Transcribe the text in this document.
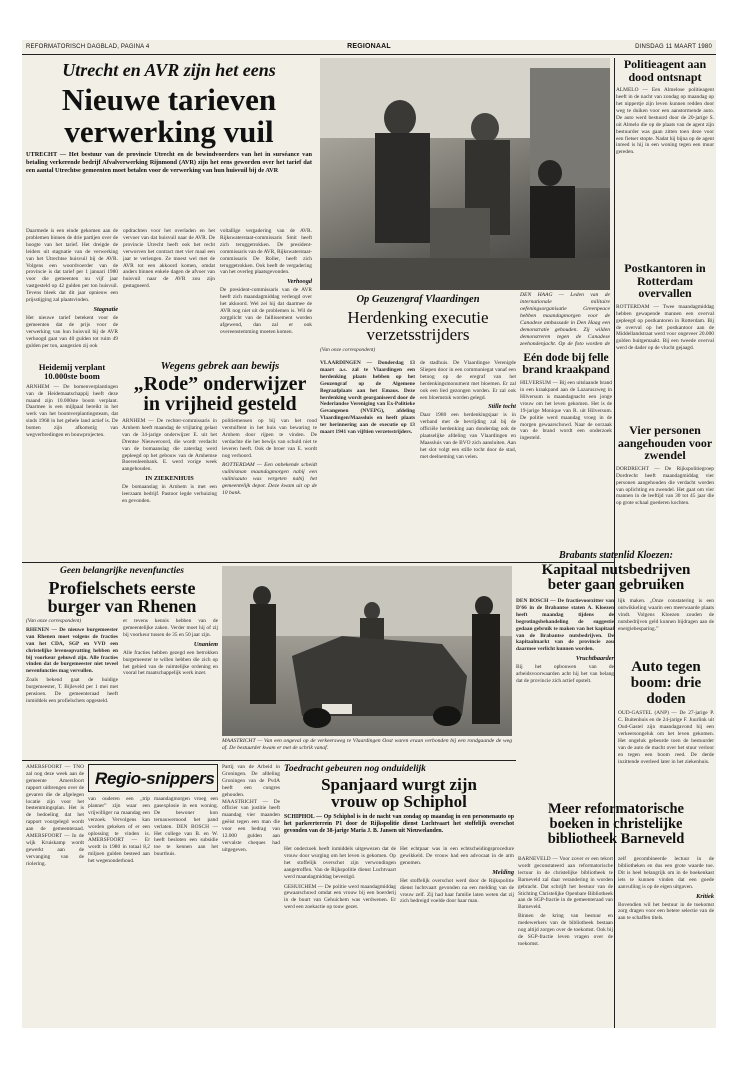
REFORMATORISCH DAGBLAD, PAGINA 4	REGIONAAL	DINSDAG 11 MAART 1980
Utrecht en AVR zijn het eens
Nieuwe tarieven
verwerking vuil
UTRECHT — Het bestuur van de provincie Utrecht en de bewindvoerders van het in surséance van betaling verkerende bedrijf Afvalverwerking Rijnmond (AVR) zijn het eens geworden over het tarief dat een aantal Utrechtse gemeenten moet betalen voor de verwerking van hun huisvuil bij de AVR
Daarmede is een einde gekomen aan de problemen binnen de drie partijen over de hoogte van het tarief. Het dreigde de leiders uit stagnatie van de verwerking van het Utrechtse huisvuil bij de AVR. Volgens een woordvoerder van de provincie is dat tarief per 1 januari 1980 voor die gemeenten nu vijf jaar vastgesteld op 42 gulden per ton huisvuil. Tevens bleek dat dit jaar opnieuw een prijsstijging zal plaatsvinden.
Stagnatie
Het nieuwe tarief betekent voor de gemeenten dat de prijs voor de verwerking van hun huisvuil bij de AVR verhoogd gaat van 40 gulden tot ruim 49 gulden per ton, aangezien zij ook
opdrachten voor het overladen en het vervoer van dat huisvuil naar de AVR. De provincie Utrecht heeft ook het recht verworven het contract met vier maal een jaar te verlengen. Ze moest wel met de AVR tot een akkoord komen, omdat anders binnen enkele dagen de afvoer van huisvuil naar de AVR zou zijn gestagneerd.
voltallige vergadering van de AVR. Rijkswaterstaat-commissaris Smit heeft zich teruggetrokken. De president-commissaris van de AVR, Rijkswaterstaat-commissaris De Roller, heeft zich teruggetrokken. Ook heeft de vergadering van het overleg plaatsgevonden.
Verhoogd
De president-commissaris van de AVR heeft zich maandagmiddag verlengd over het akkoord. Wel zei hij dat daarmee de AVR nog niet uit de problemen is. Wil de zorgplicht van de faillissement worden afgewend, dan zal er ook overeenstemming moeten komen.
Heidemij verplant 10.000ste boom
ARNHEM — De bomenverplantingen van de Heidemaatschappij heeft deze maand zijn 10.000ste boom verplant. Daarmee is een mijlpaal bereikt in het werk van het boomverplantingsteam, dat sinds 1968 in het gehele land actief is. De bomen zijn afkomstig van wegverbredingen en bouwprojecten.
DEN HAAG — Leden van de internationale militaire oefeningsorganisatie Greenpeace hebben maandagmorgen voor de Canadese ambassade in Den Haag een demonstratie gehouden. Zij wilden demonstreren tegen de Canadese zeehondenjacht. Op de foto worden de
Politieagent aan dood ontsnapt
ALMELO — Een Almelose politieagent heeft in de nacht van zondag op maandag op het nippertje zijn leven kunnen redden door weg te duiken voor een aanstormende auto. De auto werd bestuurd door de 20-jarige S. uit Almelo die op de plaats van de agent zijn bestuurder was gaan zitten toen deze voor een fietser stopte. Nadat hij bijna op de agent inreed is hij in een woning tegen een muur gereden.
Postkantoren in Rotterdam overvallen
ROTTERDAM — Twee maandagmiddag hebben gewapende mannen een overval gepleegd op postkantoren in Rotterdam. Bij de overval op het postkantoor aan de Middellandstraat werd voor ongeveer 20.000 gulden buitgemaakt. Bij een tweede overval werd de dader op de vlucht gejaagd.
Vier personen aangehouden voor zwendel
DORDRECHT — De Rijkspolitiegroep Dordrecht heeft maandagmiddag vier personen aangehouden die verdacht worden van oplichting en zwendel. Het gaat om vier mannen in de leeftijd van 30 tot 45 jaar die op grote schaal goederen kochten.
Wegens gebrek aan bewijs
„Rode” onderwijzer
in vrijheid gesteld
ARNHEM — De rechter-commissaris in Arnhem heeft maandag de vrijlating gelast van de 34-jarige onderwijzer E. uit het Drentse Nieuweroord, die wordt verdacht van de bomaanslag die zaterdag werd gepleegd op het gebouw van de Arnhemse Boerenleenbank. E. werd vorige week aangehouden.
IN ZIEKENHUIS
De bomaanslag in Arnhem is met een leerzaam bedrijf. Pastoor legde verhuizing en gevonden.
politiemensen op bij van het rood verstuiftent in het huis van bewaring te Arnhem door rijpen te vinden. De verdachte die het bewijs van schuld niet te leveren heeft. Ook de broer van E. wordt nog verhoord.
ROTTERDAM — Een onbekende scheidt vuilnisman maandagmorgen nabij een vuilnisauto was vergeten nabij het gemeentelijk depot. Deze kwam uit op de 10 bank.
Op Geuzengraf Vlaardingen
Herdenking executie
verzetsstrijders
(Van onze correspondent)
VLAARDINGEN — Donderdag 13 maart a.s. zal te Vlaardingen een herdenking plaats hebben op het Geuzengraf op de Algemene Begraafplaats aan het Emaus. Deze herdenking wordt georganiseerd door de Nederlandse Vereniging van Ex-Politieke Gevangenen (NVEPG), afdeling Vlaardingen/Maassluis en heeft plaats ter herinnering aan de executie op 13 maart 1941 van vijftien verzetsstrijders.
de stadhuis. De Vlaardingse Verenigde Sliepen door in een communiegat vanaf een betoog op de eregraf van het herdenkingsmonument met bloemen. Er zal ook een lied gezongen worden. Er zal ook een bloemstuk worden gelegd.
Stille tocht
Daar 1980 een herdenkingsjaar is in verband met de bevrijding zal bij de officiële herdenking aan donderdag ook de plaatselijke afdeling van Vlaardingen en Maassluis van de BVO zich aansluiten. Aan het slot volgt een stille tocht door de stad, met deelneming van velen.
Eén dode bij felle brand kraakpand
HILVERSUM — Bij een uitslaande brand in een kraakpand aan de Lazaruszweg in Hilversum is maandagnacht een jonge vrouw om het leven gekomen. Het is de 19-jarige Monique van R. uit Hilversum. De politie werd maandag vroeg in de morgen gewaarschuwd. Naar de oorzaak van de brand wordt een onderzoek ingesteld.
Geen belangrijke nevenfuncties
Profielschets eerste
burger van Rhenen
(Van onze correspondent)
RHENEN — De nieuwe burgemeester van Rhenen moet volgens de fracties van het CDA, SGP en VVD een christelijke levensopvatting hebben en bij voorkeur gehuwd zijn. Alle fracties vinden dat de burgemeester niet teveel nevenfuncties mag vervullen.
Zoals bekend gaat de huidige burgemeester, T. Bijleveld per 1 mei met pensioen. De gemeenteraad heeft inmiddels een profielschets opgesteld.
er tevens kennis hebben van de gemeentelijke zaken. Verder moet hij of zij bij voorkeur tussen de 35 en 50 jaar zijn.
Unaniem
Alle fracties hebben gezegd een betrokken burgemeester te willen hebben die zich op het gebied van de ruimtelijke ordening en vooral het maatschappelijk werk inzet.
MAASTRICHT — Van een ongeval op de verkeersweg te Vlaardingen Oost waren eraan verbonden bij een rondgaande de weg af. De bestuurder kwam er met de schrik vanaf.
Brabants statenlid Kloezen:
Kapitaal nutsbedrijven
beter gaan gebruiken
DEN BOSCH — De fractievoorzitter van D'66 in de Brabantse staten A. Kloezen heeft maandag tijdens de begrotingsbehandeling de suggestie gedaan gebruik te maken van het kapitaal van de Brabantse nutsbedrijven. De kapitaalmarkt van de provincie zou daarmee verlicht kunnen worden.
Vruchtbaarder
Bij het opbouwen van de arbeidsvoorwaarden acht hij het van belang dat de provincie zich actief opstelt.
lijk maken. „Onze constatering is een ontwikkeling waarin een meerwaarde plaats vindt. Volgens Kloezen zouden de nutsbedrijven geld kunnen bijdragen aan de energiebesparing.”
Auto tegen boom: drie doden
OUD-GASTEL (ANP) — De 27-jarige P. C. Buitenhuis en de 24-jarige F. Juurlink uit Oud-Gastel zijn maandagavond bij een verkeersongeluk om het leven gekomen. Het ongeluk gebeurde toen de bestuurder van de auto de macht over het stuur verloor en tegen een boom reed. De derde inzittende overleed later in het ziekenhuis.
AMERSFOORT — TNO zal nog deze week aan de gemeente Amersfoort rapport uitbrengen over de gevaren die de afgelegen locatie zijn voor het bestemmingsplan. Het is de bedoeling dat het rapport voorgelegd wordt aan de gemeenteraad. AMERSFOORT — In de wijk Kruiskamp wordt gewerkt aan de vervanging van de riolering.
Regio-snippers
van ouderen een „trip planner” zijn waar een vrijwilliger na maandag een verzoek. Vervolgens kan worden gekeken of er een oplossing te vinden is. AMERSFOORT — Er wordt in 1980 in totaal 8,2 miljoen gulden besteed aan het wegenonderhoud.
maandagmorgen vroeg een gasexplosie in een woning. De bewoner kon ternauwernood het pand verlaten. DEN BOSCH — Het college van B. en W. heeft besloten een subsidie toe te kennen aan het buurthuis.
Partij van de Arbeid in Groningen. De afdeling Groningen van de PvdA heeft een congres gehouden. MAASTRICHT — De officier van justitie heeft maandag vier maanden geëist tegen een man die voor een bedrag van 12.000 gulden aan vervalste cheques had uitgegeven.
Toedracht gebeuren nog onduidelijk
Spanjaard wurgt zijn
vrouw op Schiphol
SCHIPHOL — Op Schiphol is in de nacht van zondag op maandag in een personenauto op het parkeerterrein P1 door de Rijkspolitie dienst Luchtvaart het stoffelijk overschot gevonden van de 38-jarige Maria J. B. Jansen uit Nieuwelanden.
Het onderzoek heeft inmiddels uitgewezen dat de vrouw door wurging om het leven is gekomen. Op het stoffelijk overschot zijn verwondingen aangetroffen. Van de Rijkspolitie dienst Luchtvaart werd maandagmiddag bevestigd.
GEHUICHEM — De politie werd maandagmiddag gewaarschuwd omdat een vrouw bij een boerderij in de buurt van Gehuichem was verdwenen. Er werd een zoekactie op touw gezet.
Het echtpaar was in een echtscheidingsprocedure gewikkeld. De vrouw had een advocaat in de arm genomen.
Melding
Het stoffelijk overschot werd door de Rijkspolitie dienst luchtvaart gevonden na een melding van de vrouw zelf. Zij had haar familie laten weten dat zij zich bedreigd voelde door haar man.
Meer reformatorische
boeken in christelijke
bibliotheek Barneveld
BARNEVELD — Voor zover er een tekort wordt geconstateerd aan reformatorische lectuur in de christelijke bibliotheek te Barneveld zal daar verandering in worden gebracht. Dat schrijft het bestuur van de Stichting Christelijke Openbare Bibliotheek aan de SGP-fractie in de gemeenteraad van Barneveld.
Binnen de kring van bestuur en medewerkers van de bibliotheek bestaan nog altijd zorgen over de toekomst. Ook bij de SGP-fractie leven vragen over de toekomst.
zelf gecombineerde lectuur in de bibliotheken en dus een grote waarde toe. Dit is heel belangrijk om in de boekenkast iets te kunnen vinden dat een goede aanvulling is op de eigen uitgaven.
Kritiek
Bovendien wil het bestuur in de toekomst zorg dragen voor een betere selectie van de aan te schaffen titels.
